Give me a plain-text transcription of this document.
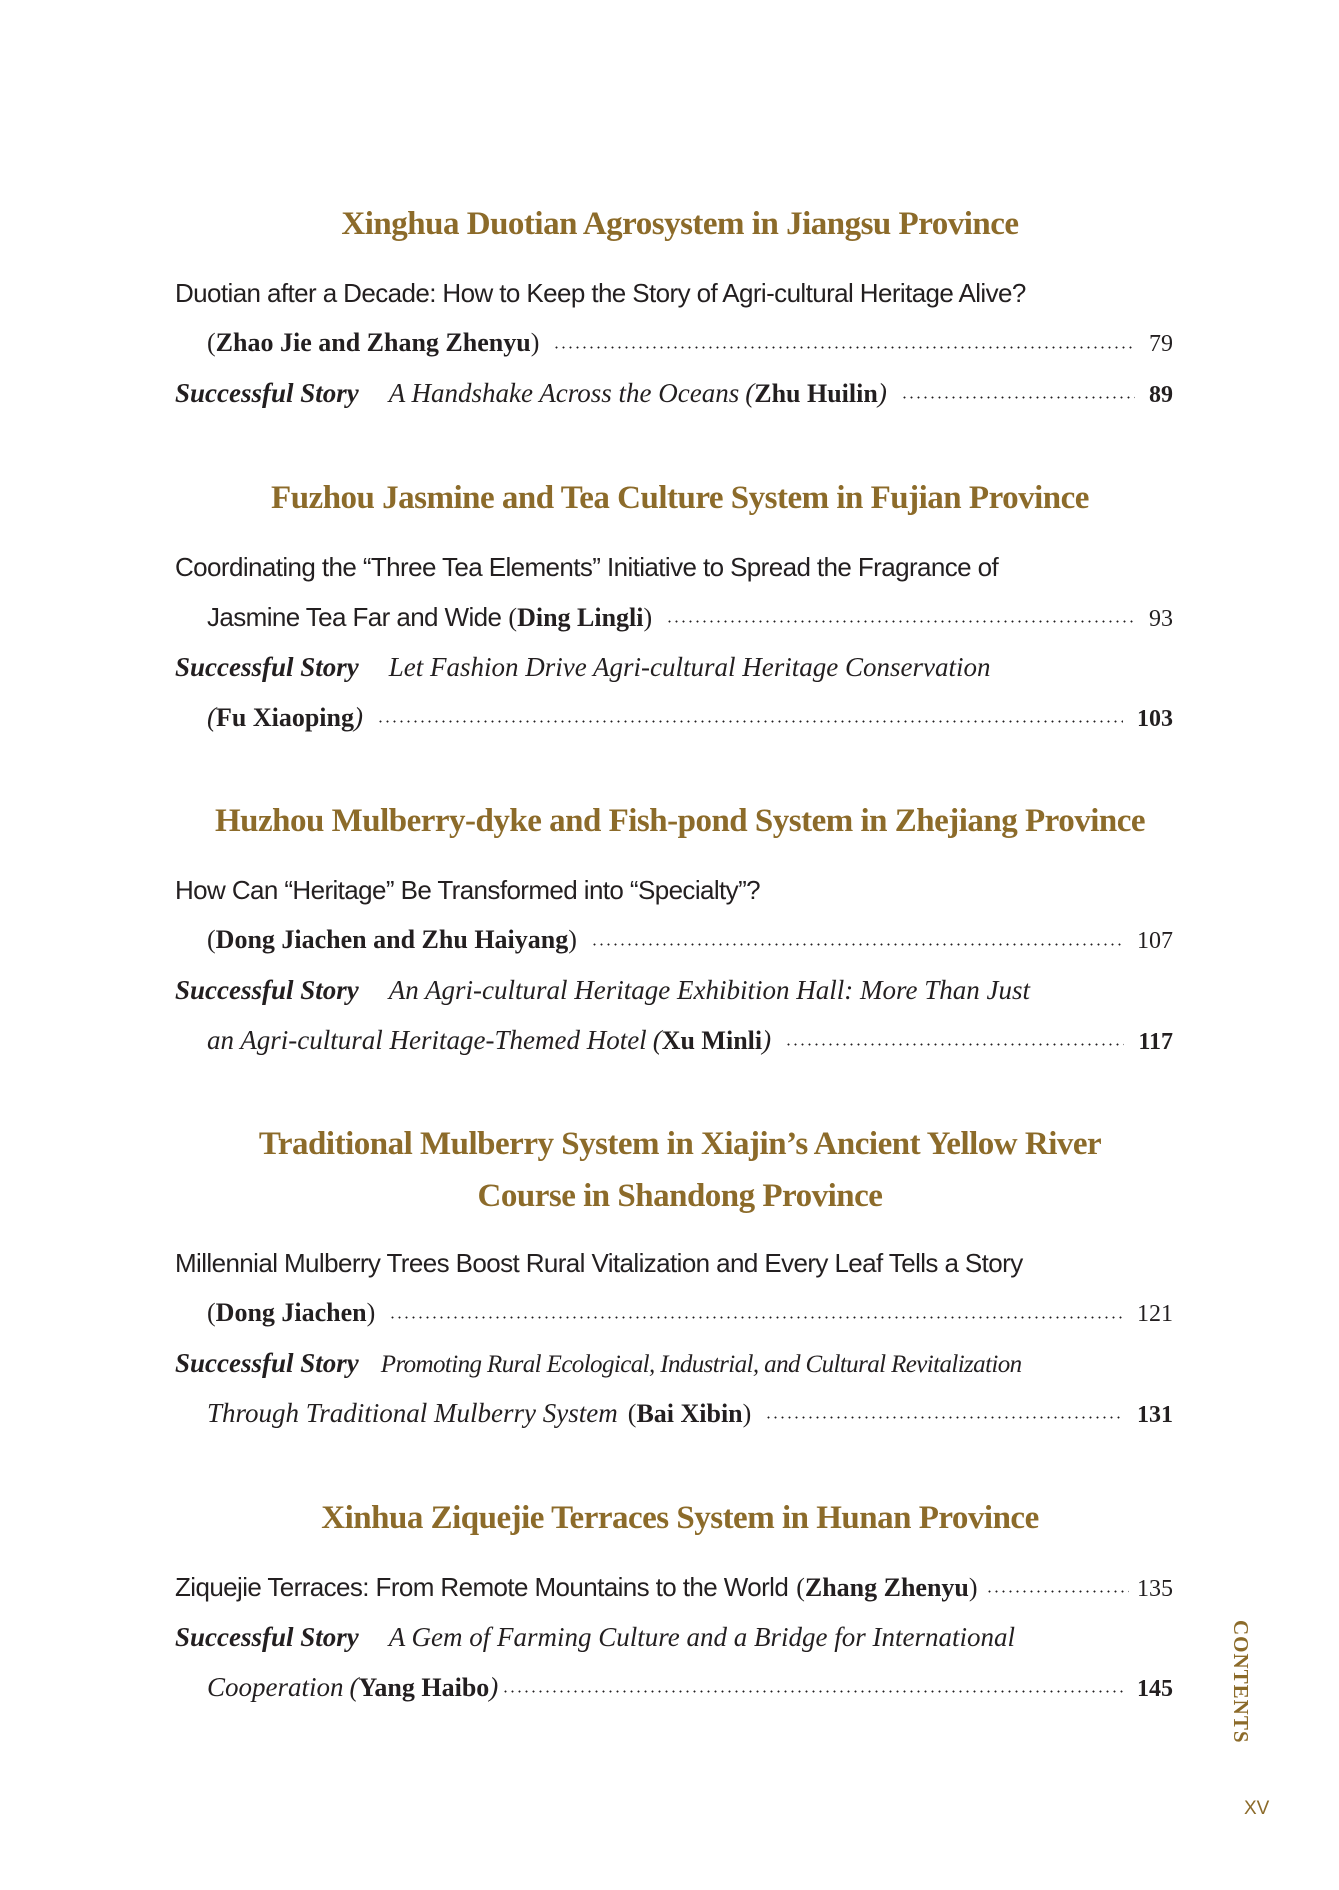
Xinghua Duotian Agrosystem in Jiangsu Province
Duotian after a Decade: How to Keep the Story of Agri-cultural Heritage Alive?
( Zhao Jie and Zhang Zhenyu )	79
Successful Story A Handshake Across the Oceans ( Zhu Huilin )	89
Fuzhou Jasmine and Tea Culture System in Fujian Province
Coordinating the “Three Tea Elements” Initiative to Spread the Fragrance of
Jasmine Tea Far and Wide ( Ding Lingli )	93
Successful Story Let Fashion Drive Agri-cultural Heritage Conservation
( Fu Xiaoping )	103
Huzhou Mulberry-dyke and Fish-pond System in Zhejiang Province
How Can “Heritage” Be Transformed into “Specialty”?
( Dong Jiachen and Zhu Haiyang )	107
Successful Story An Agri-cultural Heritage Exhibition Hall: More Than Just
an Agri-cultural Heritage-Themed Hotel ( Xu Minli )	117
Traditional Mulberry System in Xiajin’s Ancient Yellow River
Course in Shandong Province
Millennial Mulberry Trees Boost Rural Vitalization and Every Leaf Tells a Story
( Dong Jiachen )	121
Successful Story Promoting Rural Ecological, Industrial, and Cultural Revitalization
Through Traditional Mulberry System ( Bai Xibin )	131
Xinhua Ziquejie Terraces System in Hunan Province
Ziquejie Terraces: From Remote Mountains to the World ( Zhang Zhenyu )	135
Successful Story A Gem of Farming Culture and a Bridge for International
Cooperation ( Yang Haibo )	145	CONTENTS
XV
